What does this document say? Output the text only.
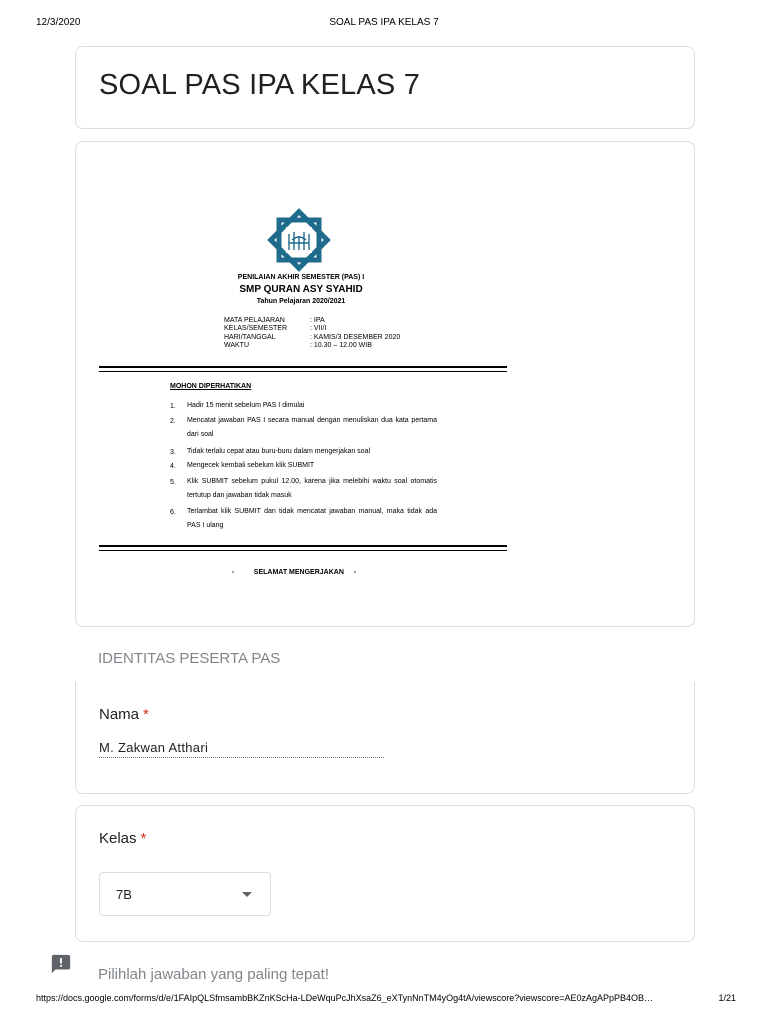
12/3/2020	SOAL PAS IPA KELAS 7
SOAL PAS IPA KELAS 7
PENILAIAN AKHIR SEMESTER (PAS) I
SMP QURAN ASY SYAHID
Tahun Pelajaran 2020/2021
MATA PELAJARAN	: IPA
KELAS/SEMESTER	: VII/I
HARI/TANGGAL	: KAMIS/3 DESEMBER 2020
WAKTU	: 10.30 – 12.00 WIB
MOHON DIPERHATIKAN
1. Hadir 15 menit sebelum PAS I dimulai
2. Mencatat jawaban PAS I secara manual dengan menuliskan dua kata pertama dari soal
3. Tidak terlalu cepat atau buru-buru dalam mengerjakan soal
4. Mengecek kembali sebelum klik SUBMIT
5. Klik SUBMIT sebelum pukul 12.00, karena jika melebihi waktu soal otomatis tertutup dan jawaban tidak masuk
6. Terlambat klik SUBMIT dan tidak mencatat jawaban manual, maka tidak ada PAS I ulang
-          SELAMAT MENGERJAKAN     -
IDENTITAS PESERTA PAS
Nama *
M. Zakwan Atthari
Kelas *
7B
Pilihlah jawaban yang paling tepat!
https://docs.google.com/forms/d/e/1FAIpQLSfmsambBKZnKScHa-LDeWquPcJhXsaZ6_eXTynNnTM4yOg4tA/viewscore?viewscore=AE0zAgAPpPB4OB…	1/21
